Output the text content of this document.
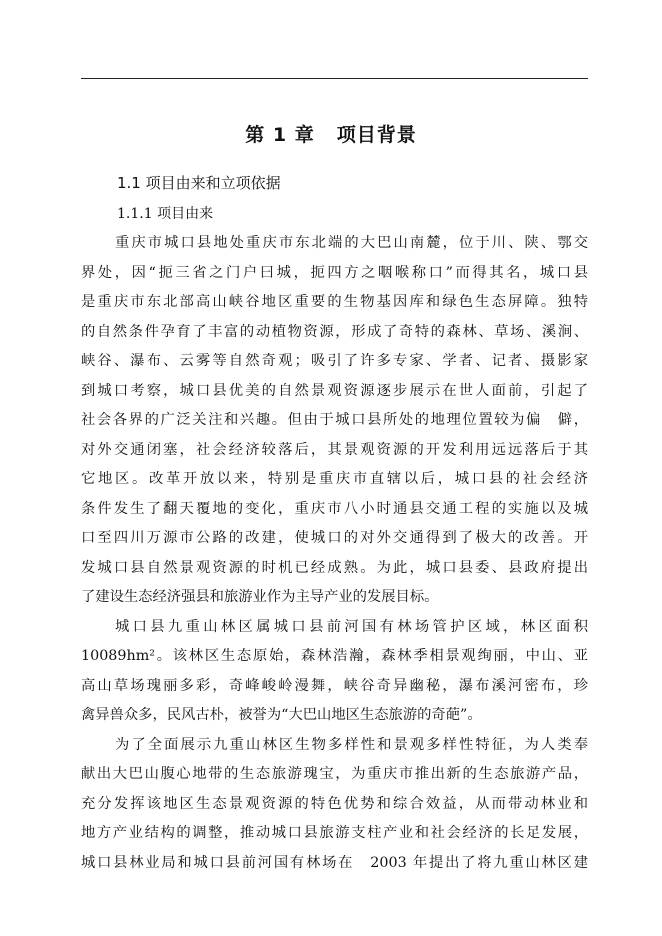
第 1 章 项目背景
1.1 项目由来和立项依据
1.1.1 项目由来
重庆市城口县地处重庆市东北端的大巴山南麓，位于川、陕、鄂交
界处，因“扼三省之门户曰城，扼四方之咽喉称口”而得其名，城口县
是重庆市东北部高山峡谷地区重要的生物基因库和绿色生态屏障。独特
的自然条件孕育了丰富的动植物资源，形成了奇特的森林、草场、溪涧、
峡谷、瀑布、云雾等自然奇观；吸引了许多专家、学者、记者、摄影家
到城口考察，城口县优美的自然景观资源逐步展示在世人面前，引起了
社会各界的广泛关注和兴趣。但由于城口县所处的地理位置较为偏　僻，
对外交通闭塞，社会经济较落后，其景观资源的开发利用远远落后于其
它地区。改革开放以来，特别是重庆市直辖以后，城口县的社会经济
条件发生了翻天覆地的变化，重庆市八小时通县交通工程的实施以及城
口至四川万源市公路的改建，使城口的对外交通得到了极大的改善。开
发城口县自然景观资源的时机已经成熟。为此，城口县委、县政府提出
了建设生态经济强县和旅游业作为主导产业的发展目标。
城口县九重山林区属城口县前河国有林场管护区域，林区面积
10089hm²。该林区生态原始，森林浩瀚，森林季相景观绚丽，中山、亚
高山草场瑰丽多彩，奇峰峻岭漫舞，峡谷奇异幽秘，瀑布溪河密布，珍
禽异兽众多，民风古朴，被誉为“大巴山地区生态旅游的奇葩”。
为了全面展示九重山林区生物多样性和景观多样性特征，为人类奉
献出大巴山腹心地带的生态旅游瑰宝，为重庆市推出新的生态旅游产品，
充分发挥该地区生态景观资源的特色优势和综合效益，从而带动林业和
地方产业结构的调整，推动城口县旅游支柱产业和社会经济的长足发展，
城口县林业局和城口县前河国有林场在　2003 年提出了将九重山林区建
